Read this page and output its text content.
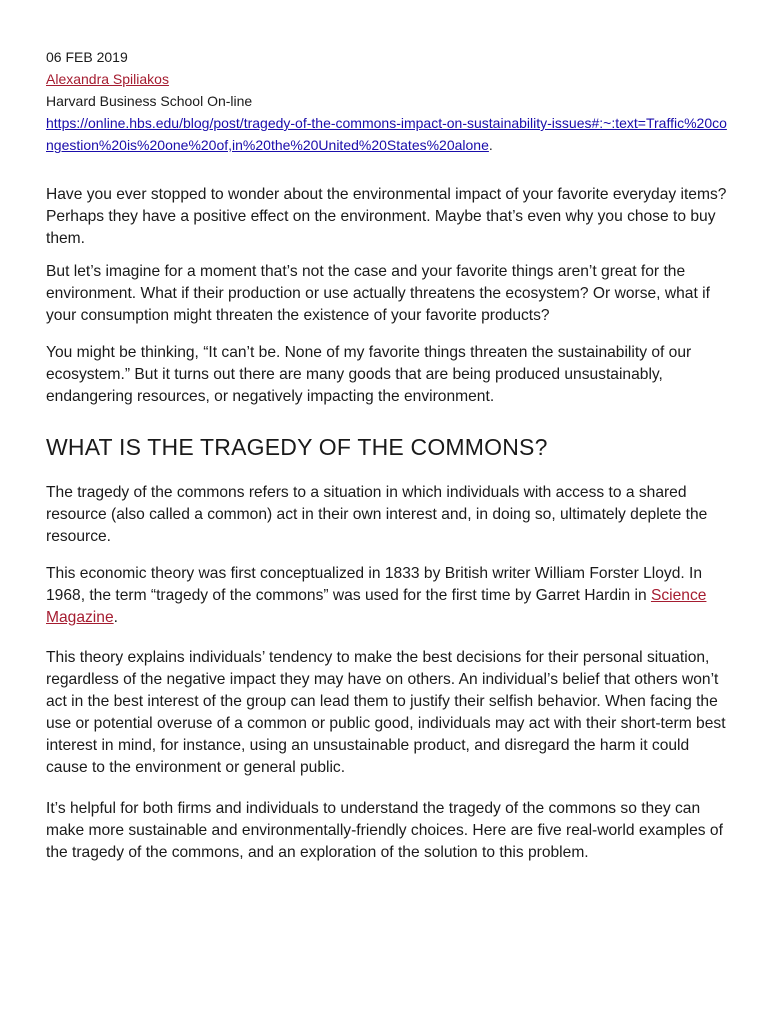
06 FEB 2019
Alexandra Spiliakos
Harvard Business School On-line
https://online.hbs.edu/blog/post/tragedy-of-the-commons-impact-on-sustainability-issues#:~:text=Traffic%20congestion%20is%20one%20of,in%20the%20United%20States%20alone.

Have you ever stopped to wonder about the environmental impact of your favorite everyday items? Perhaps they have a positive effect on the environment. Maybe that’s even why you chose to buy them.

But let’s imagine for a moment that’s not the case and your favorite things aren’t great for the environment. What if their production or use actually threatens the ecosystem? Or worse, what if your consumption might threaten the existence of your favorite products?

You might be thinking, “It can’t be. None of my favorite things threaten the sustainability of our ecosystem.” But it turns out there are many goods that are being produced unsustainably, endangering resources, or negatively impacting the environment.

WHAT IS THE TRAGEDY OF THE COMMONS?

The tragedy of the commons refers to a situation in which individuals with access to a shared resource (also called a common) act in their own interest and, in doing so, ultimately deplete the resource.

This economic theory was first conceptualized in 1833 by British writer William Forster Lloyd. In 1968, the term “tragedy of the commons” was used for the first time by Garret Hardin in Science Magazine.

This theory explains individuals’ tendency to make the best decisions for their personal situation, regardless of the negative impact they may have on others. An individual’s belief that others won’t act in the best interest of the group can lead them to justify their selfish behavior. When facing the use or potential overuse of a common or public good, individuals may act with their short-term best interest in mind, for instance, using an unsustainable product, and disregard the harm it could cause to the environment or general public.

It’s helpful for both firms and individuals to understand the tragedy of the commons so they can make more sustainable and environmentally-friendly choices. Here are five real-world examples of the tragedy of the commons, and an exploration of the solution to this problem.
